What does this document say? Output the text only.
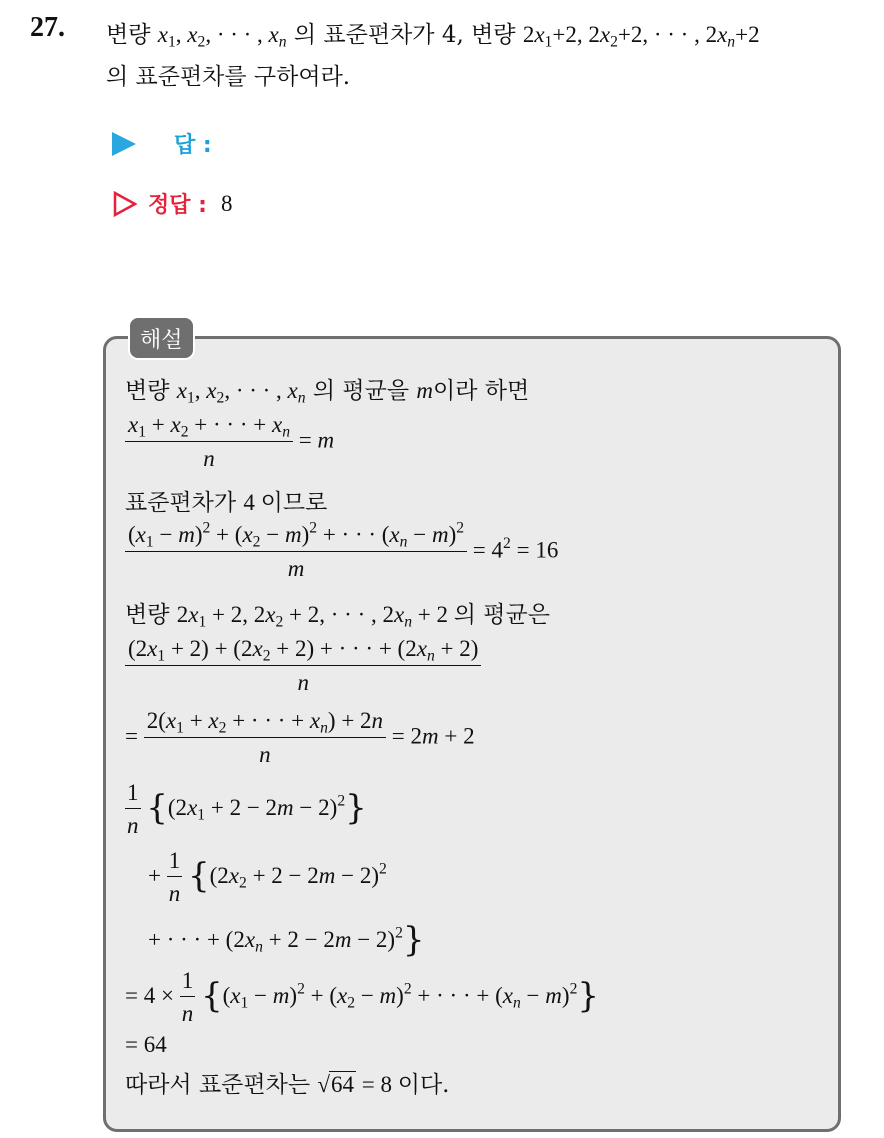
27. 변량 $x_1$, $x_2$, · · · , $x_n$ 의 표준편차가 4, 변량 $2x_1+2$, $2x_2+2$, · · · , $2x_n+2$
의 표준편차를 구하여라.
답 :
정답 : 8
해설
변량 $x_1$, $x_2$, · · · , $x_n$ 의 평균을 m이라 하면
$\frac{x_1 + x_2 + \cdot \cdot \cdot + x_n}{n} = m$
표준편차가 4 이므로
$\frac{(x_1 - m)^2 + (x_2 - m)^2 + \cdot \cdot \cdot (x_n - m)^2}{m} = 4^2 = 16$
변량 $2x_1 + 2$, $2x_2 + 2$, · · · , $2x_n + 2$ 의 평균은
$\frac{(2x_1 + 2) + (2x_2 + 2) + \cdot \cdot \cdot + (2x_n + 2)}{n}$
= $\frac{2(x_1 + x_2 + \cdot \cdot \cdot + x_n) + 2n}{n} = 2m + 2$
$\frac{1}{n} \{(2x_1 + 2 - 2m - 2)^2\}$
+ $\frac{1}{n} \{(2x_2 + 2 - 2m - 2)^2$
+ · · · + $(2x_n + 2 - 2m - 2)^2$}
= $4 \times \frac{1}{n} \{(x_1 - m)^2 + (x_2 - m)^2$ + · · · + $(x_n - m)^2$}
= 64
따라서 표준편차는 √ 64 = 8 이다.
